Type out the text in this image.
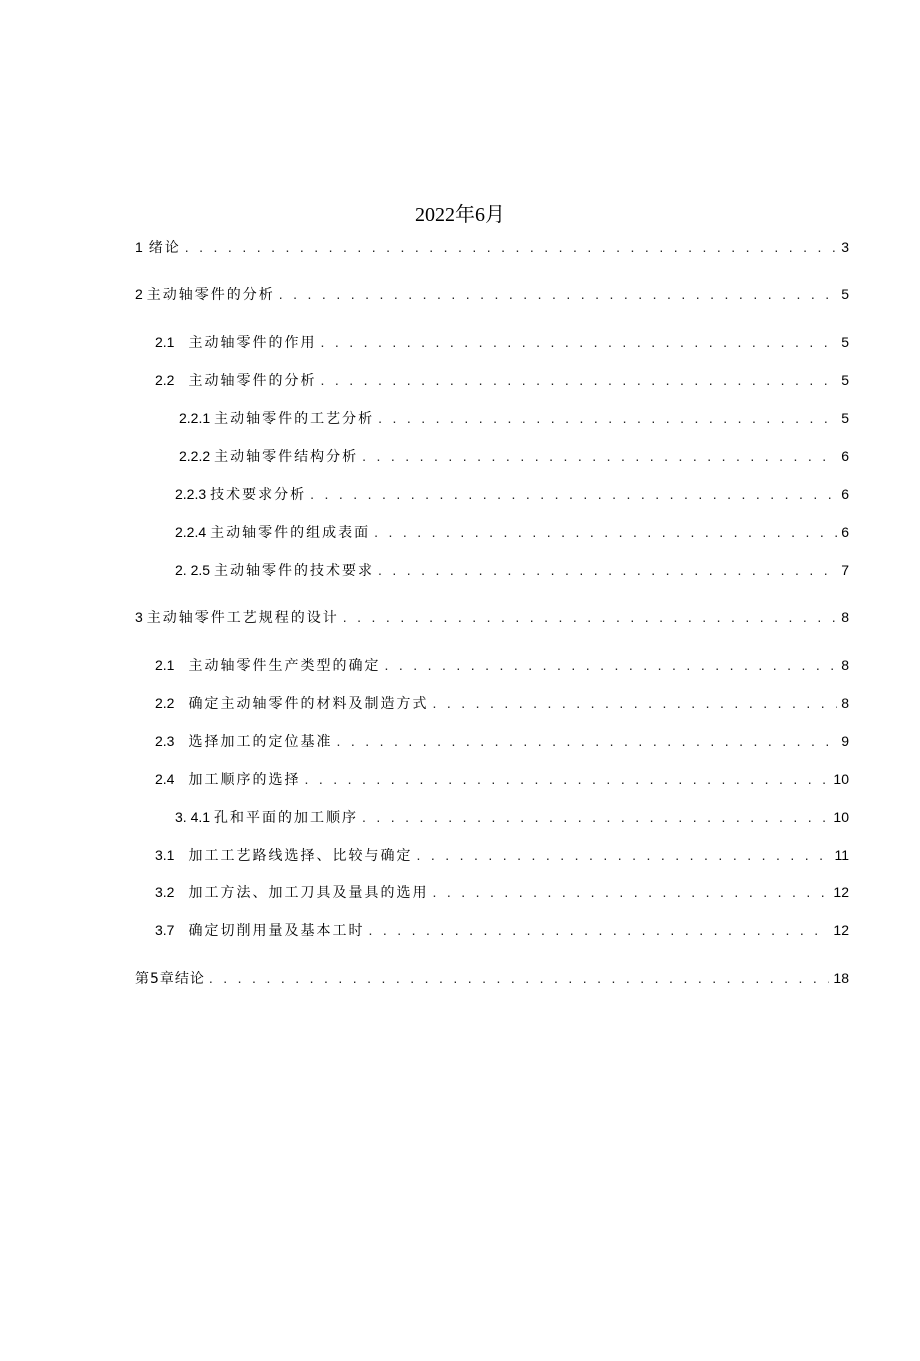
2022年6月
1 绪论 . . .	3
2 主动轴零件的分析 . . .	5
2.1 主动轴零件的作用 . . .	5
2.2 主动轴零件的分析 . . .	5
2.2.1 主动轴零件的工艺分析 . . .	5
2.2.2 主动轴零件结构分析 . . .	6
2.2.3 技术要求分析 . . .	6
2.2.4 主动轴零件的组成表面 . . .	6
2. 2.5 主动轴零件的技术要求 . . .	7
3 主动轴零件工艺规程的设计 . . .	8
2.1 主动轴零件生产类型的确定 . . .	8
2.2 确定主动轴零件的材料及制造方式 . . .	8
2.3 选择加工的定位基准 . . .	9
2.4 加工顺序的选择 . . .	10
3. 4.1 孔和平面的加工顺序 . . .	10
3.1 加工工艺路线选择、比较与确定 . . .	11
3.2 加工方法、加工刀具及量具的选用 . . .	12
3.7 确定切削用量及基本工时 . . .	12
第5章结论 . . .	18
